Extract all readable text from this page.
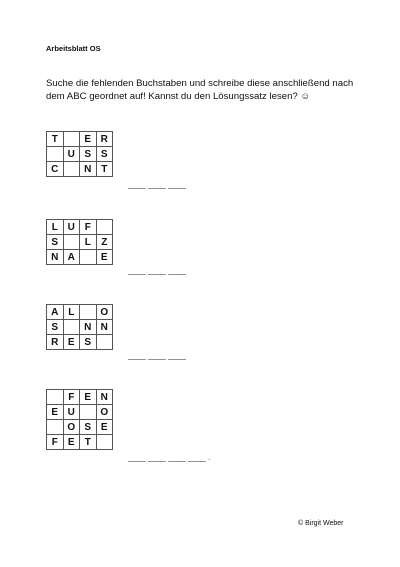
Arbeitsblatt OS
Suche die fehlenden Buchstaben und schreibe diese anschließend nach dem ABC geordnet auf! Kannst du den Lösungssatz lesen? ☺
T		E	R
	U	S	S
C		N	T
____ ____ ____
L	U	F	
S		L	Z
N	A		E
____ ____ ____
A	L		O
S		N	N
R	E	S	
____ ____ ____
	F	E	N
E	U		O
	O	S	E
F	E	T	
____ ____ ____ ____ .
© Birgit Weber
